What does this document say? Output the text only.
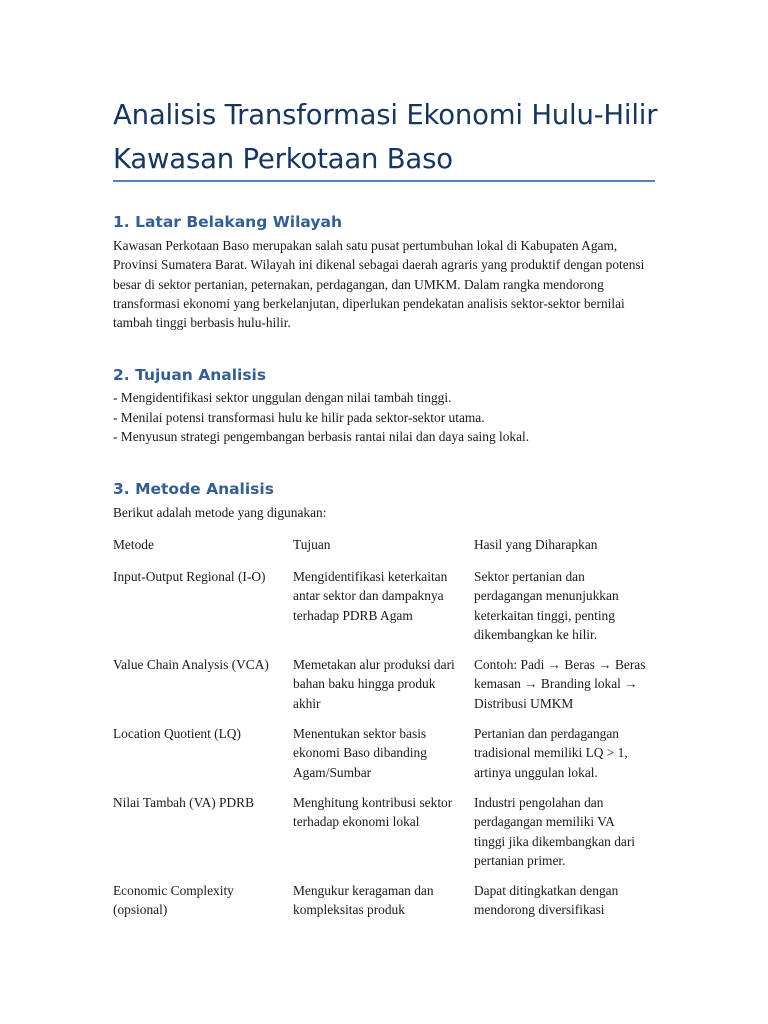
Analisis Transformasi Ekonomi Hulu-Hilir Kawasan Perkotaan Baso
1. Latar Belakang Wilayah

Kawasan Perkotaan Baso merupakan salah satu pusat pertumbuhan lokal di Kabupaten Agam, Provinsi Sumatera Barat. Wilayah ini dikenal sebagai daerah agraris yang produktif dengan potensi besar di sektor pertanian, peternakan, perdagangan, dan UMKM. Dalam rangka mendorong transformasi ekonomi yang berkelanjutan, diperlukan pendekatan analisis sektor-sektor bernilai tambah tinggi berbasis hulu-hilir.

2. Tujuan Analisis
- Mengidentifikasi sektor unggulan dengan nilai tambah tinggi.
- Menilai potensi transformasi hulu ke hilir pada sektor-sektor utama.
- Menyusun strategi pengembangan berbasis rantai nilai dan daya saing lokal.
3. Metode Analisis

Berikut adalah metode yang digunakan:

Metode	Tujuan	Hasil yang Diharapkan
Input-Output Regional (I-O)	Mengidentifikasi keterkaitan antar sektor dan dampaknya terhadap PDRB Agam	Sektor pertanian dan perdagangan menunjukkan keterkaitan tinggi, penting dikembangkan ke hilir.
Value Chain Analysis (VCA)	Memetakan alur produksi dari bahan baku hingga produk akhir	Contoh: Padi → Beras → Beras kemasan → Branding lokal → Distribusi UMKM
Location Quotient (LQ)	Menentukan sektor basis ekonomi Baso dibanding Agam/Sumbar	Pertanian dan perdagangan tradisional memiliki LQ > 1, artinya unggulan lokal.
Nilai Tambah (VA) PDRB	Menghitung kontribusi sektor terhadap ekonomi lokal	Industri pengolahan dan perdagangan memiliki VA tinggi jika dikembangkan dari pertanian primer.
Economic Complexity (opsional)	Mengukur keragaman dan kompleksitas produk	Dapat ditingkatkan dengan mendorong diversifikasi
